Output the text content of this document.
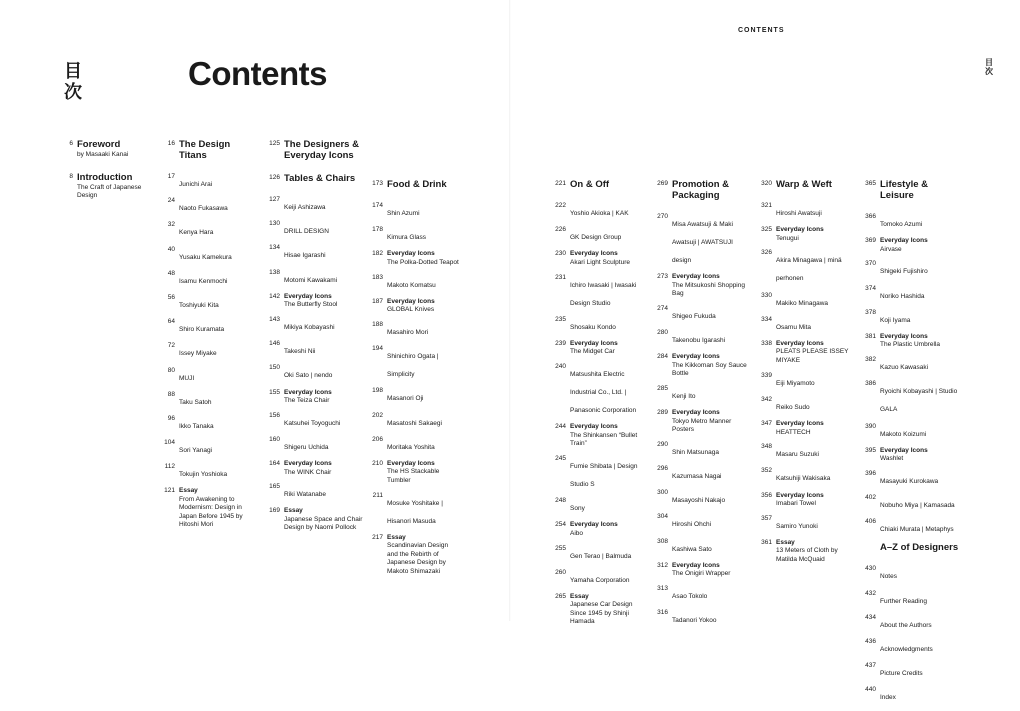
CONTENTS
目
次
目
次
Contents
6 Foreword
by Masaaki Kanai
8 Introduction
The Craft of Japanese Design
16 The Design Titans
17
Junichi Arai
24
Naoto Fukasawa
32
Kenya Hara
40
Yusaku Kamekura
48
Isamu Kenmochi
56
Toshiyuki Kita
64
Shiro Kuramata
72
Issey Miyake
80
MUJI
88
Taku Satoh
96
Ikko Tanaka
104
Sori Yanagi
112
Tokujin Yoshioka
121 Essay
From Awakening to Modernism: Design in Japan Before 1945 by Hitoshi Mori
125 The Designers & Everyday Icons
126 Tables & Chairs
127
Keiji Ashizawa
130
DRILL DESIGN
134
Hisae Igarashi
138
Motomi Kawakami
142 Everyday Icons
The Butterfly Stool
143
Mikiya Kobayashi
146
Takeshi Nii
150
Oki Sato | nendo
155 Everyday Icons
The Teiza Chair
156
Katsuhei Toyoguchi
160
Shigeru Uchida
164 Everyday Icons
The WINK Chair
165
Riki Watanabe
169 Essay
Japanese Space and Chair Design by Naomi Pollock
173 Food & Drink
174
Shin Azumi
178
Kimura Glass
182 Everyday Icons
The Polka-Dotted Teapot
183
Makoto Komatsu
187 Everyday Icons
GLOBAL Knives
188
Masahiro Mori
194
Shinichiro Ogata | Simplicity
198
Masanori Oji
202
Masatoshi Sakaegi
206
Moritaka Yoshita
210 Everyday Icons
The HS Stackable Tumbler
211
Mosuke Yoshitake | Hisanori Masuda
217 Essay
Scandinavian Design and the Rebirth of Japanese Design by Makoto Shimazaki
221 On & Off
222
Yoshio Akioka | KAK
226
GK Design Group
230 Everyday Icons
Akari Light Sculpture
231
Ichiro Iwasaki | Iwasaki Design Studio
235
Shosaku Kondo
239 Everyday Icons
The Midget Car
240
Matsushita Electric Industrial Co., Ltd. | Panasonic Corporation
244 Everyday Icons
The Shinkansen “Bullet Train”
245
Fumie Shibata | Design Studio S
248
Sony
254 Everyday Icons
Aibo
255
Gen Terao | Balmuda
260
Yamaha Corporation
265 Essay
Japanese Car Design Since 1945 by Shinji Hamada
269 Promotion & Packaging
270
Misa Awatsuji & Maki Awatsuji | AWATSUJI design
273 Everyday Icons
The Mitsukoshi Shopping Bag
274
Shigeo Fukuda
280
Takenobu Igarashi
284 Everyday Icons
The Kikkoman Soy Sauce Bottle
285
Kenji Ito
289 Everyday Icons
Tokyo Metro Manner Posters
290
Shin Matsunaga
296
Kazumasa Nagai
300
Masayoshi Nakajo
304
Hiroshi Ohchi
308
Kashiwa Sato
312 Everyday Icons
The Onigiri Wrapper
313
Asao Tokolo
316
Tadanori Yokoo
320 Warp & Weft
321
Hiroshi Awatsuji
325 Everyday Icons
Tenugui
326
Akira Minagawa | minä perhonen
330
Makiko Minagawa
334
Osamu Mita
338 Everyday Icons
PLEATS PLEASE ISSEY MIYAKE
339
Eiji Miyamoto
342
Reiko Sudo
347 Everyday Icons
HEATTECH
348
Masaru Suzuki
352
Katsuhiji Wakisaka
356 Everyday Icons
Imabari Towel
357
Samiro Yunoki
361 Essay
13 Meters of Cloth by Matilda McQuaid
365 Lifestyle & Leisure
366
Tomoko Azumi
369 Everyday Icons
Airvase
370
Shigeki Fujishiro
374
Noriko Hashida
378
Koji Iyama
381 Everyday Icons
The Plastic Umbrella
382
Kazuo Kawasaki
386
Ryoichi Kobayashi | Studio GALA
390
Makoto Koizumi
395 Everyday Icons
Washlet
396
Masayuki Kurokawa
402
Nobuho Miya | Kamasada
406
Chiaki Murata | Metaphys
A–Z of Designers
430
Notes
432
Further Reading
434
About the Authors
436
Acknowledgments
437
Picture Credits
440
Index
